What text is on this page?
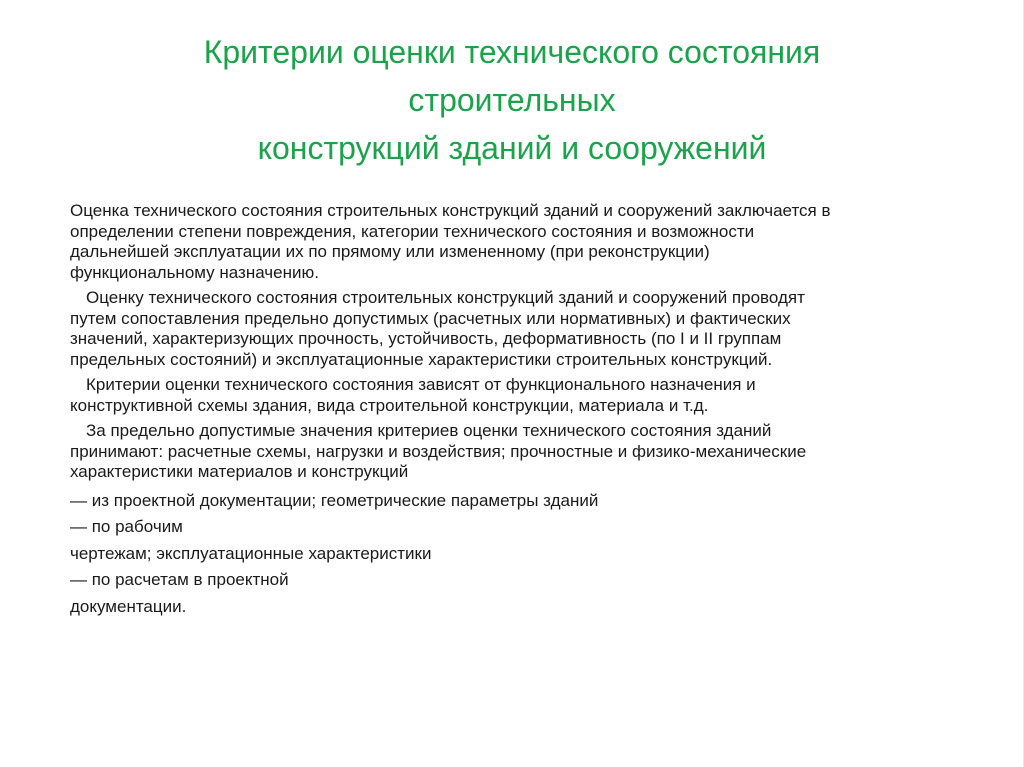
Критерии оценки технического состояния
строительных
конструкций зданий и сооружений

Оценка технического состояния строительных конструкций зданий и сооружений заключается в
определении степени повреждения, категории технического состояния и возможности
дальнейшей эксплуатации их по прямому или измененному (при реконструкции)
функциональному назначению.

Оценку технического состояния строительных конструкций зданий и сооружений проводят
путем сопоставления предельно допустимых (расчетных или нормативных) и фактических
значений, характеризующих прочность, устойчивость, деформативность (по I и II группам
предельных состояний) и эксплуатационные характеристики строительных конструкций.

Критерии оценки технического состояния зависят от функционального назначения и
конструктивной схемы здания, вида строительной конструкции, материала и т.д.

За предельно допустимые значения критериев оценки технического состояния зданий
принимают: расчетные схемы, нагрузки и воздействия; прочностные и физико-механические
характеристики материалов и конструкций

— из проектной документации; геометрические параметры зданий
— по рабочим
чертежам; эксплуатационные характеристики
— по расчетам в проектной
документации.
